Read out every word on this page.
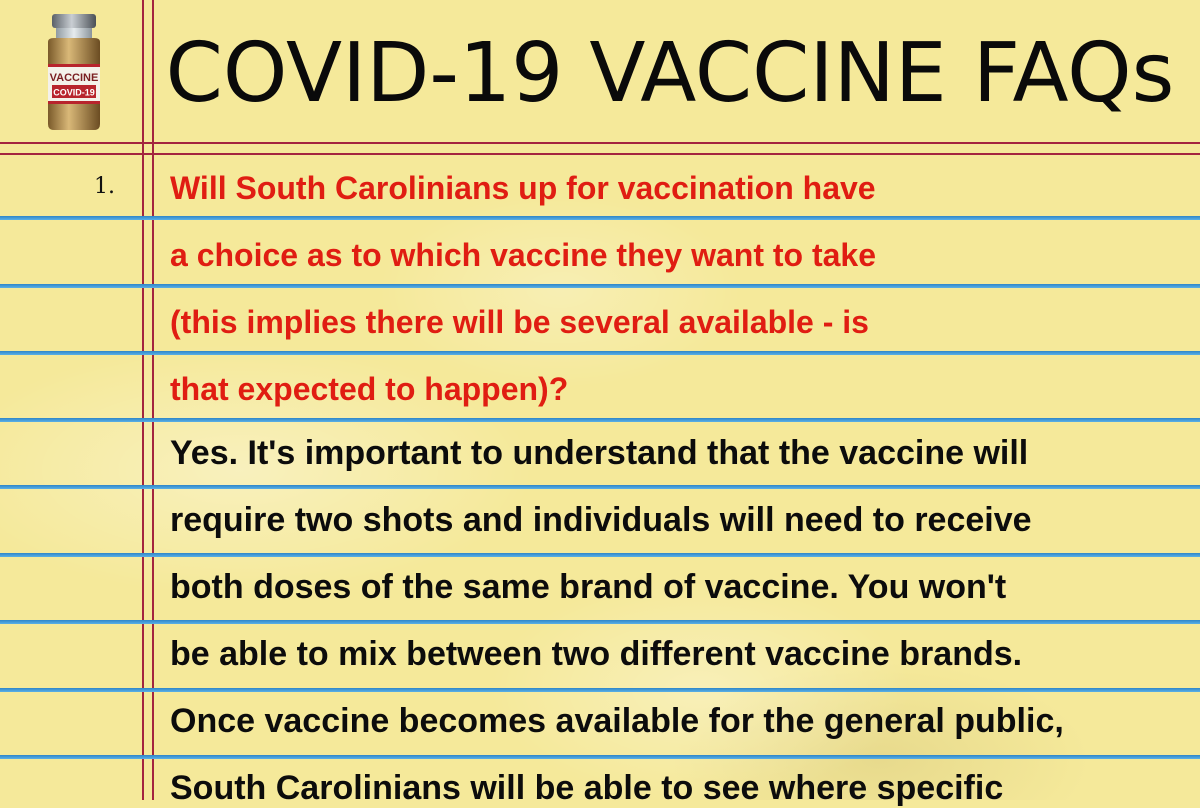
VACCINE
COVID-19 COVID-19 VACCINE FAQs
1. Will South Carolinians up for vaccination have
a choice as to which vaccine they want to take
(this implies there will be several available - is
that expected to happen)?
Yes. It's important to understand that the vaccine will
require two shots and individuals will need to receive
both doses of the same brand of vaccine. You won't
be able to mix between two different vaccine brands.
Once vaccine becomes available for the general public,
South Carolinians will be able to see where specific
